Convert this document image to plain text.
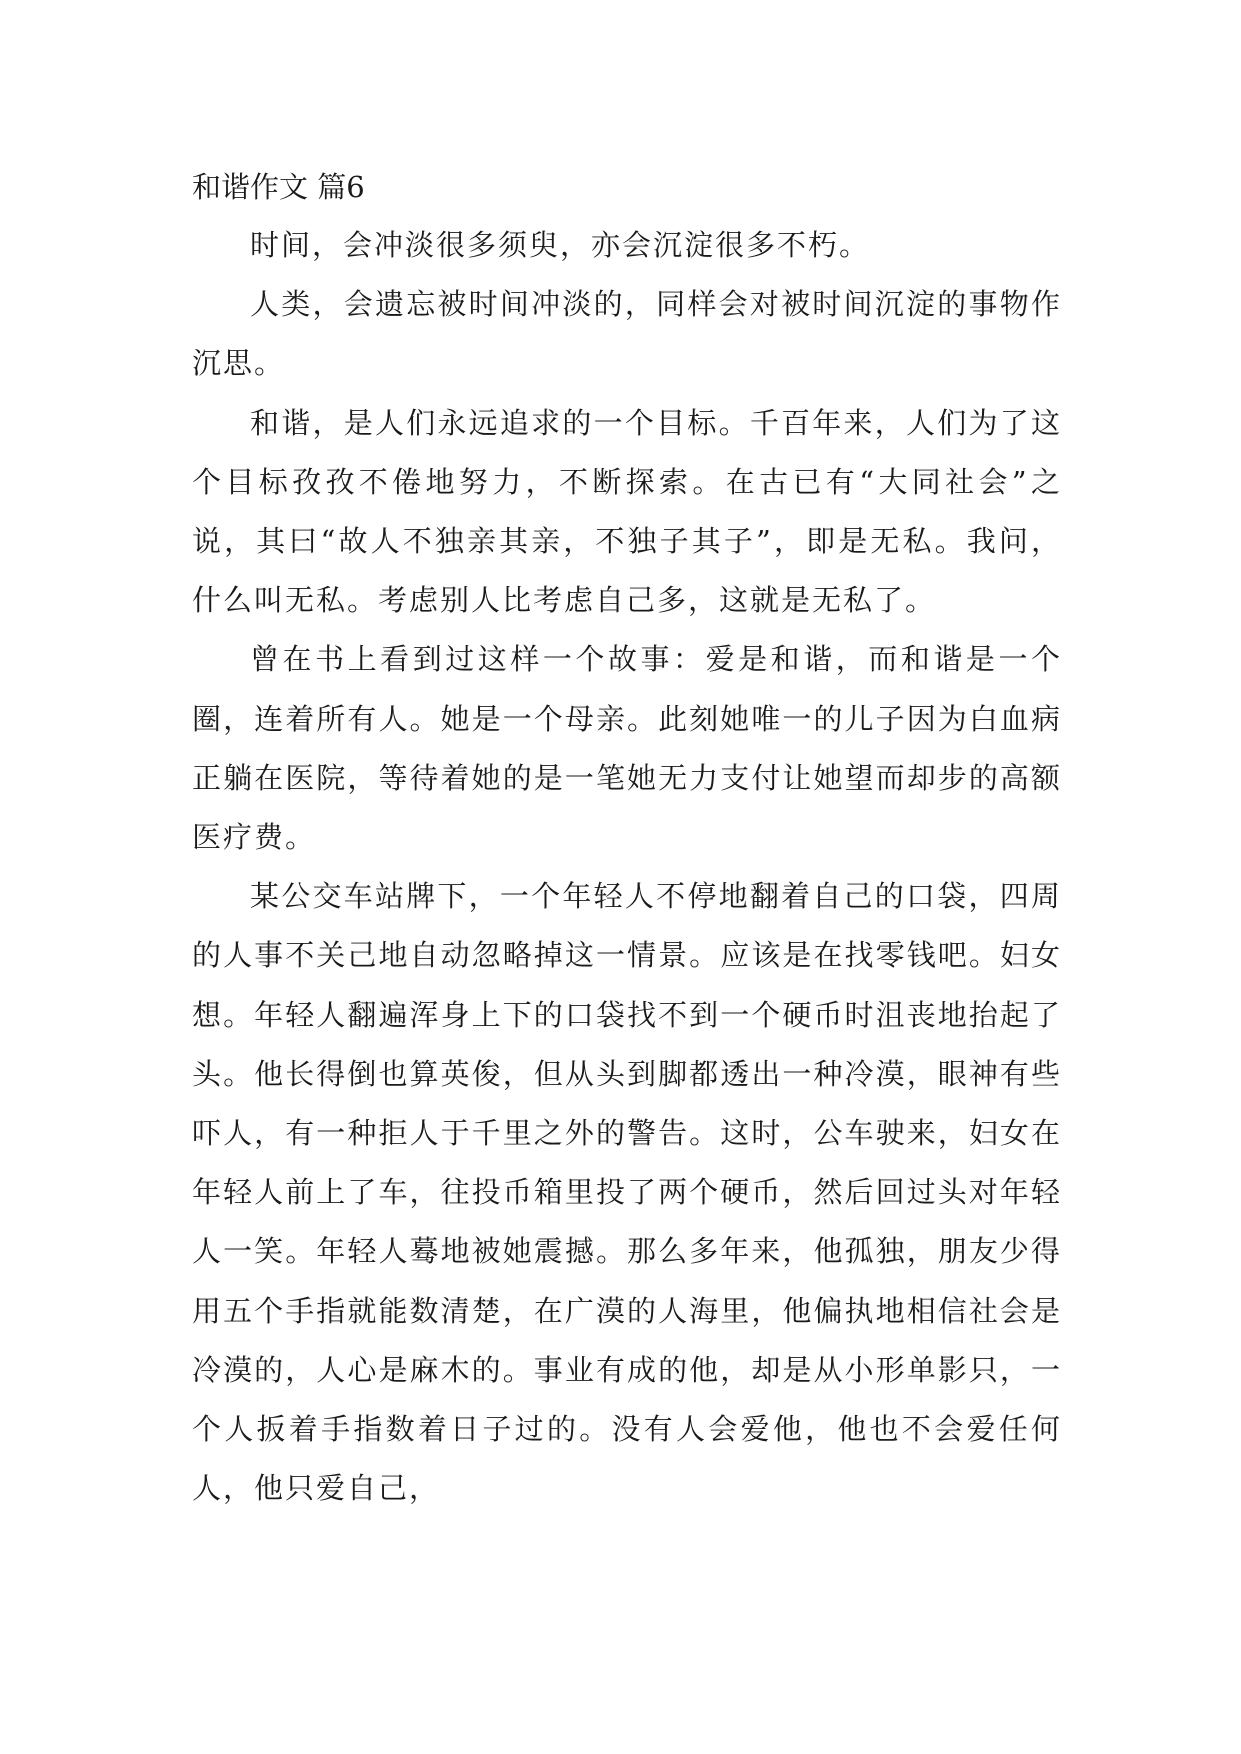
和谐作文 篇6

时间，会冲淡很多须臾，亦会沉淀很多不朽。

人类，会遗忘被时间冲淡的，同样会对被时间沉淀的事物作沉思。

和谐，是人们永远追求的一个目标。千百年来，人们为了这个目标孜孜不倦地努力，不断探索。在古已有“大同社会”之说，其曰“故人不独亲其亲，不独子其子”，即是无私。我问，什么叫无私。考虑别人比考虑自己多，这就是无私了。

曾在书上看到过这样一个故事：爱是和谐，而和谐是一个圈，连着所有人。她是一个母亲。此刻她唯一的儿子因为白血病正躺在医院，等待着她的是一笔她无力支付让她望而却步的高额医疗费。

某公交车站牌下，一个年轻人不停地翻着自己的口袋，四周的人事不关己地自动忽略掉这一情景。应该是在找零钱吧。妇女想。年轻人翻遍浑身上下的口袋找不到一个硬币时沮丧地抬起了头。他长得倒也算英俊，但从头到脚都透出一种冷漠，眼神有些吓人，有一种拒人于千里之外的警告。这时，公车驶来，妇女在年轻人前上了车，往投币箱里投了两个硬币，然后回过头对年轻人一笑。年轻人蓦地被她震撼。那么多年来，他孤独，朋友少得用五个手指就能数清楚，在广漠的人海里，他偏执地相信社会是冷漠的，人心是麻木的。事业有成的他，却是从小形单影只，一个人扳着手指数着日子过的。没有人会爱他，他也不会爱任何人，他只爱自己，
